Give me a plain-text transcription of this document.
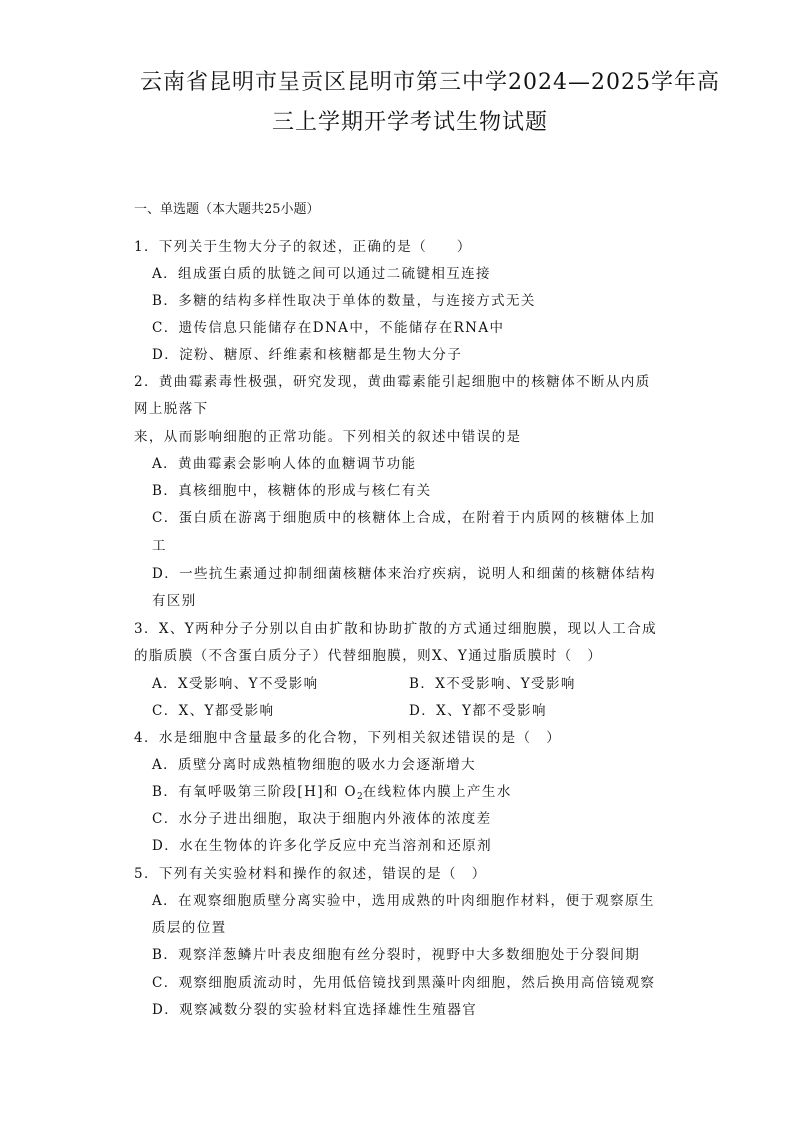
云南省昆明市呈贡区昆明市第三中学2024—2025学年高
三上学期开学考试生物试题
一、单选题（本大题共25小题）
1．下列关于生物大分子的叙述，正确的是（　　）
A．组成蛋白质的肽链之间可以通过二硫键相互连接
B．多糖的结构多样性取决于单体的数量，与连接方式无关
C．遗传信息只能储存在DNA中，不能储存在RNA中
D．淀粉、糖原、纤维素和核糖都是生物大分子
2．黄曲霉素毒性极强，研究发现，黄曲霉素能引起细胞中的核糖体不断从内质
网上脱落下
来，从而影响细胞的正常功能。下列相关的叙述中错误的是
A．黄曲霉素会影响人体的血糖调节功能
B．真核细胞中，核糖体的形成与核仁有关
C．蛋白质在游离于细胞质中的核糖体上合成，在附着于内质网的核糖体上加
工
D．一些抗生素通过抑制细菌核糖体来治疗疾病，说明人和细菌的核糖体结构
有区别
3．X、Y两种分子分别以自由扩散和协助扩散的方式通过细胞膜，现以人工合成
的脂质膜（不含蛋白质分子）代替细胞膜，则X、Y通过脂质膜时（　）
A．X受影响、Y不受影响	B．X不受影响、Y受影响
C．X、Y都受影响	D．X、Y都不受影响
4．水是细胞中含量最多的化合物，下列相关叙述错误的是（　）
A．质壁分离时成熟植物细胞的吸水力会逐渐增大
B．有氧呼吸第三阶段[H]和 $O_2$在线粒体内膜上产生水
C．水分子进出细胞，取决于细胞内外液体的浓度差
D．水在生物体的许多化学反应中充当溶剂和还原剂
5．下列有关实验材料和操作的叙述，错误的是（　）
A．在观察细胞质壁分离实验中，选用成熟的叶肉细胞作材料，便于观察原生
质层的位置
B．观察洋葱鳞片叶表皮细胞有丝分裂时，视野中大多数细胞处于分裂间期
C．观察细胞质流动时，先用低倍镜找到黑藻叶肉细胞，然后换用高倍镜观察
D．观察减数分裂的实验材料宜选择雄性生殖器官
